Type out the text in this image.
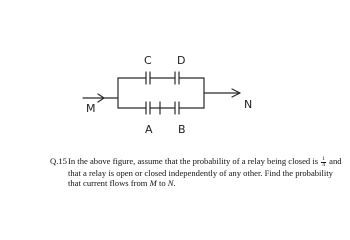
M	N
C D
A B
Q.15 In the above figure, assume that the probability of a relay being closed is $\frac{1}{4}$ and that a relay is open or closed independently of any other. Find the probability that current flows from M to N.
